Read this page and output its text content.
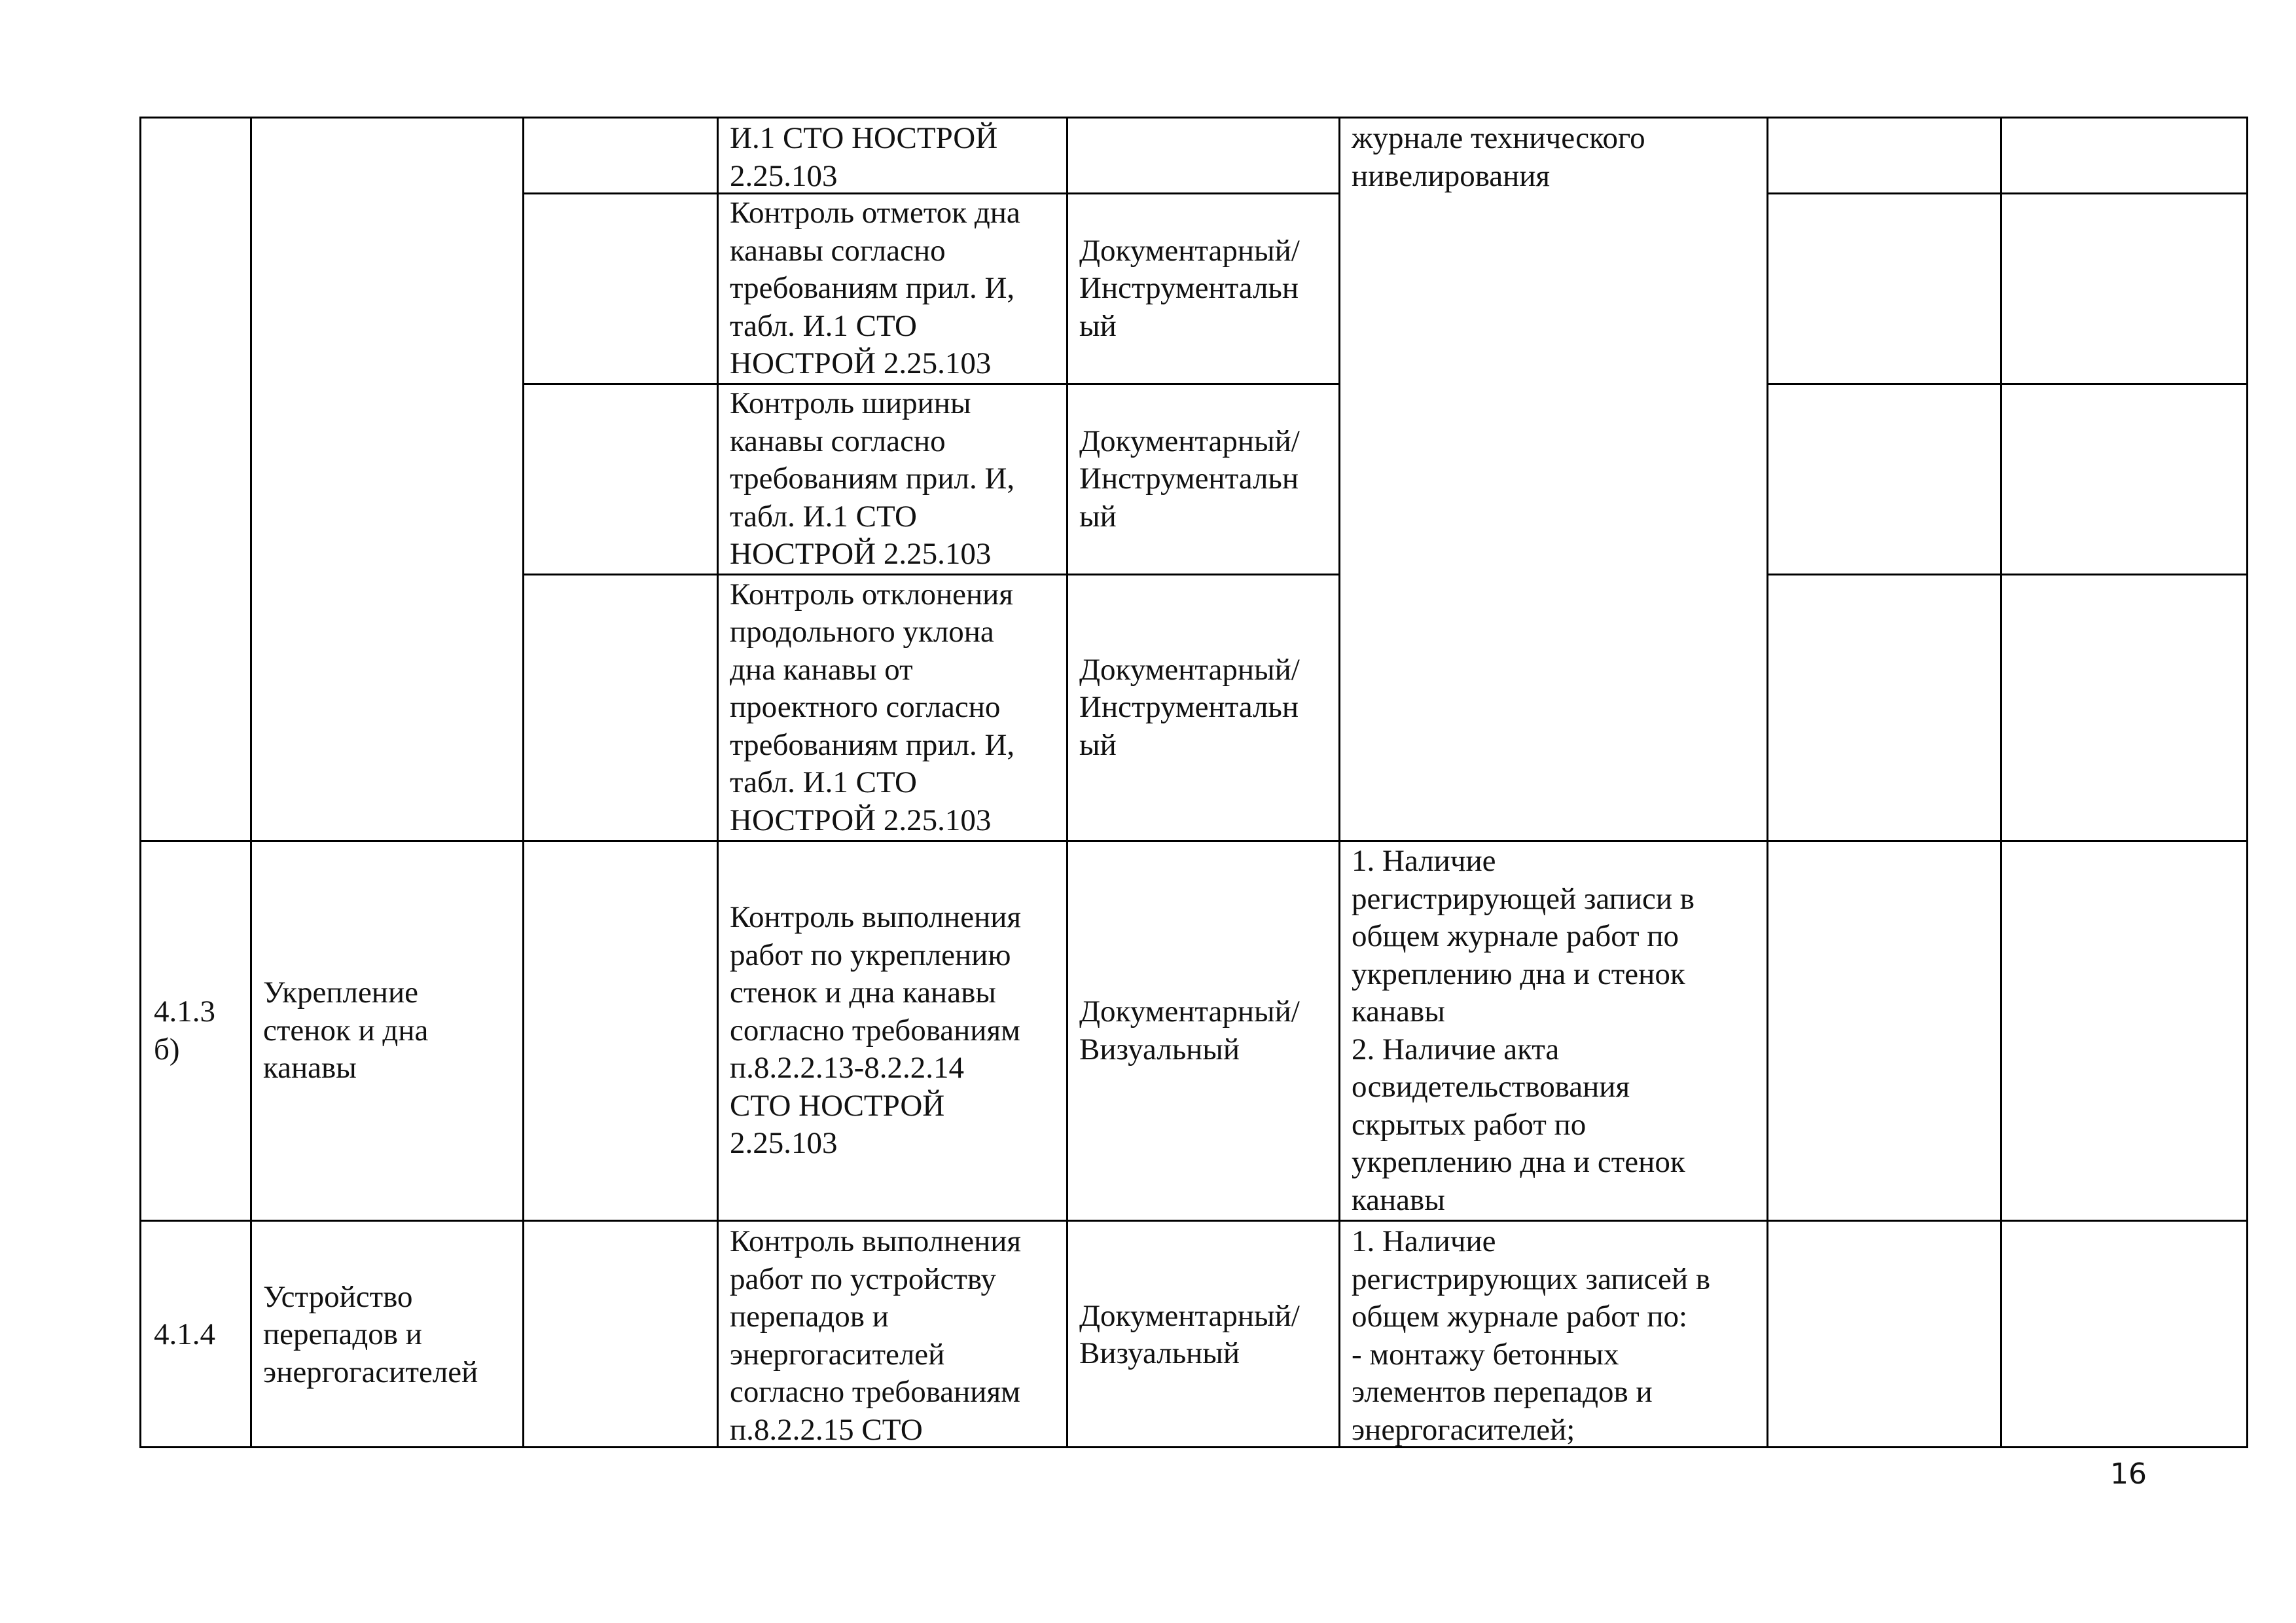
И.1 СТО НОСТРОЙ
2.25.103
журнале технического
нивелирования
Контроль отметок дна
канавы согласно
требованиям прил. И,
табл. И.1 СТО
НОСТРОЙ 2.25.103
Документарный/
Инструментальн
ый
Контроль ширины
канавы согласно
требованиям прил. И,
табл. И.1 СТО
НОСТРОЙ 2.25.103
Документарный/
Инструментальн
ый
Контроль отклонения
продольного уклона
дна канавы от
проектного согласно
требованиям прил. И,
табл. И.1 СТО
НОСТРОЙ 2.25.103
Документарный/
Инструментальн
ый
4.1.3
б)
Укрепление
стенок и дна
канавы
Контроль выполнения
работ по укреплению
стенок и дна канавы
согласно требованиям
п.8.2.2.13-8.2.2.14
СТО НОСТРОЙ
2.25.103
Документарный/
Визуальный
1. Наличие
регистрирующей записи в
общем журнале работ по
укреплению дна и стенок
канавы
2. Наличие акта
освидетельствования
скрытых работ по
укреплению дна и стенок
канавы
4.1.4
Устройство
перепадов и
энергогасителей
Контроль выполнения
работ по устройству
перепадов и
энергогасителей
согласно требованиям
п.8.2.2.15 СТО
Документарный/
Визуальный
1. Наличие
регистрирующих записей в
общем журнале работ по:
- монтажу бетонных
элементов перепадов и
энергогасителей;
16
